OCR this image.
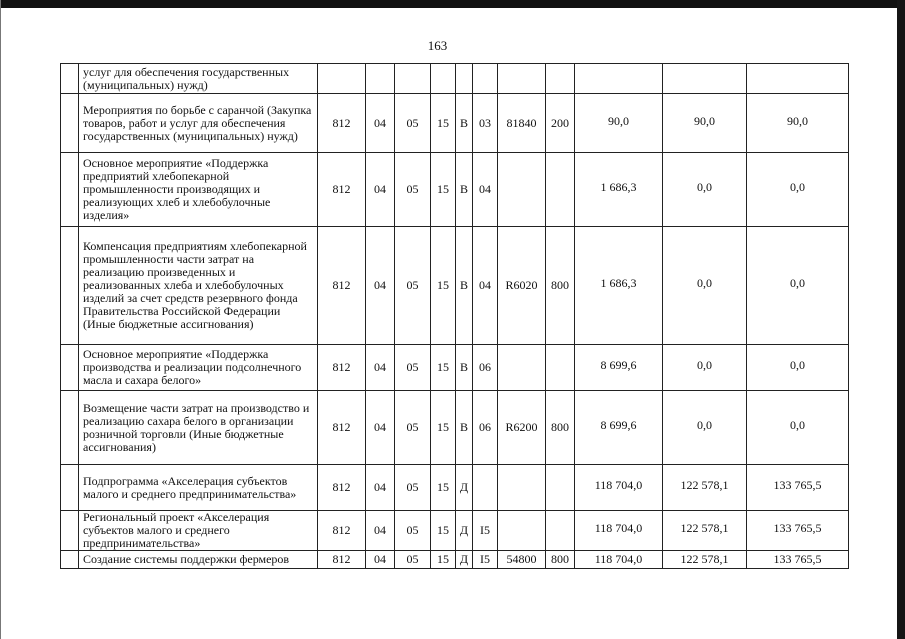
163
	услуг для обеспечения государственных (муниципальных) нужд)											
	Мероприятия по борьбе с саранчой (Закупка товаров, работ и услуг для обеспечения государственных (муниципальных) нужд)	812	04	05	15	В	03	81840	200	90,0	90,0	90,0
	Основное мероприятие «Поддержка предприятий хлебопекарной промышленности производящих и реализующих хлеб и хлебобулочные изделия»	812	04	05	15	В	04			1 686,3	0,0	0,0
	Компенсация предприятиям хлебопекарной промышленности части затрат на реализацию произведенных и реализованных хлеба и хлебобулочных изделий за счет средств резервного фонда Правительства Российской Федерации (Иные бюджетные ассигнования)	812	04	05	15	В	04	R6020	800	1 686,3	0,0	0,0
	Основное мероприятие «Поддержка производства и реализации подсолнечного масла и сахара белого»	812	04	05	15	В	06			8 699,6	0,0	0,0
	Возмещение части затрат на производство и реализацию сахара белого в организации розничной торговли (Иные бюджетные ассигнования)	812	04	05	15	В	06	R6200	800	8 699,6	0,0	0,0
	Подпрограмма «Акселерация субъектов малого и среднего предпринимательства»	812	04	05	15	Д				118 704,0	122 578,1	133 765,5
	Региональный проект «Акселерация субъектов малого и среднего предпринимательства»	812	04	05	15	Д	I5			118 704,0	122 578,1	133 765,5
	Создание системы поддержки фермеров	812	04	05	15	Д	I5	54800	800	118 704,0	122 578,1	133 765,5
